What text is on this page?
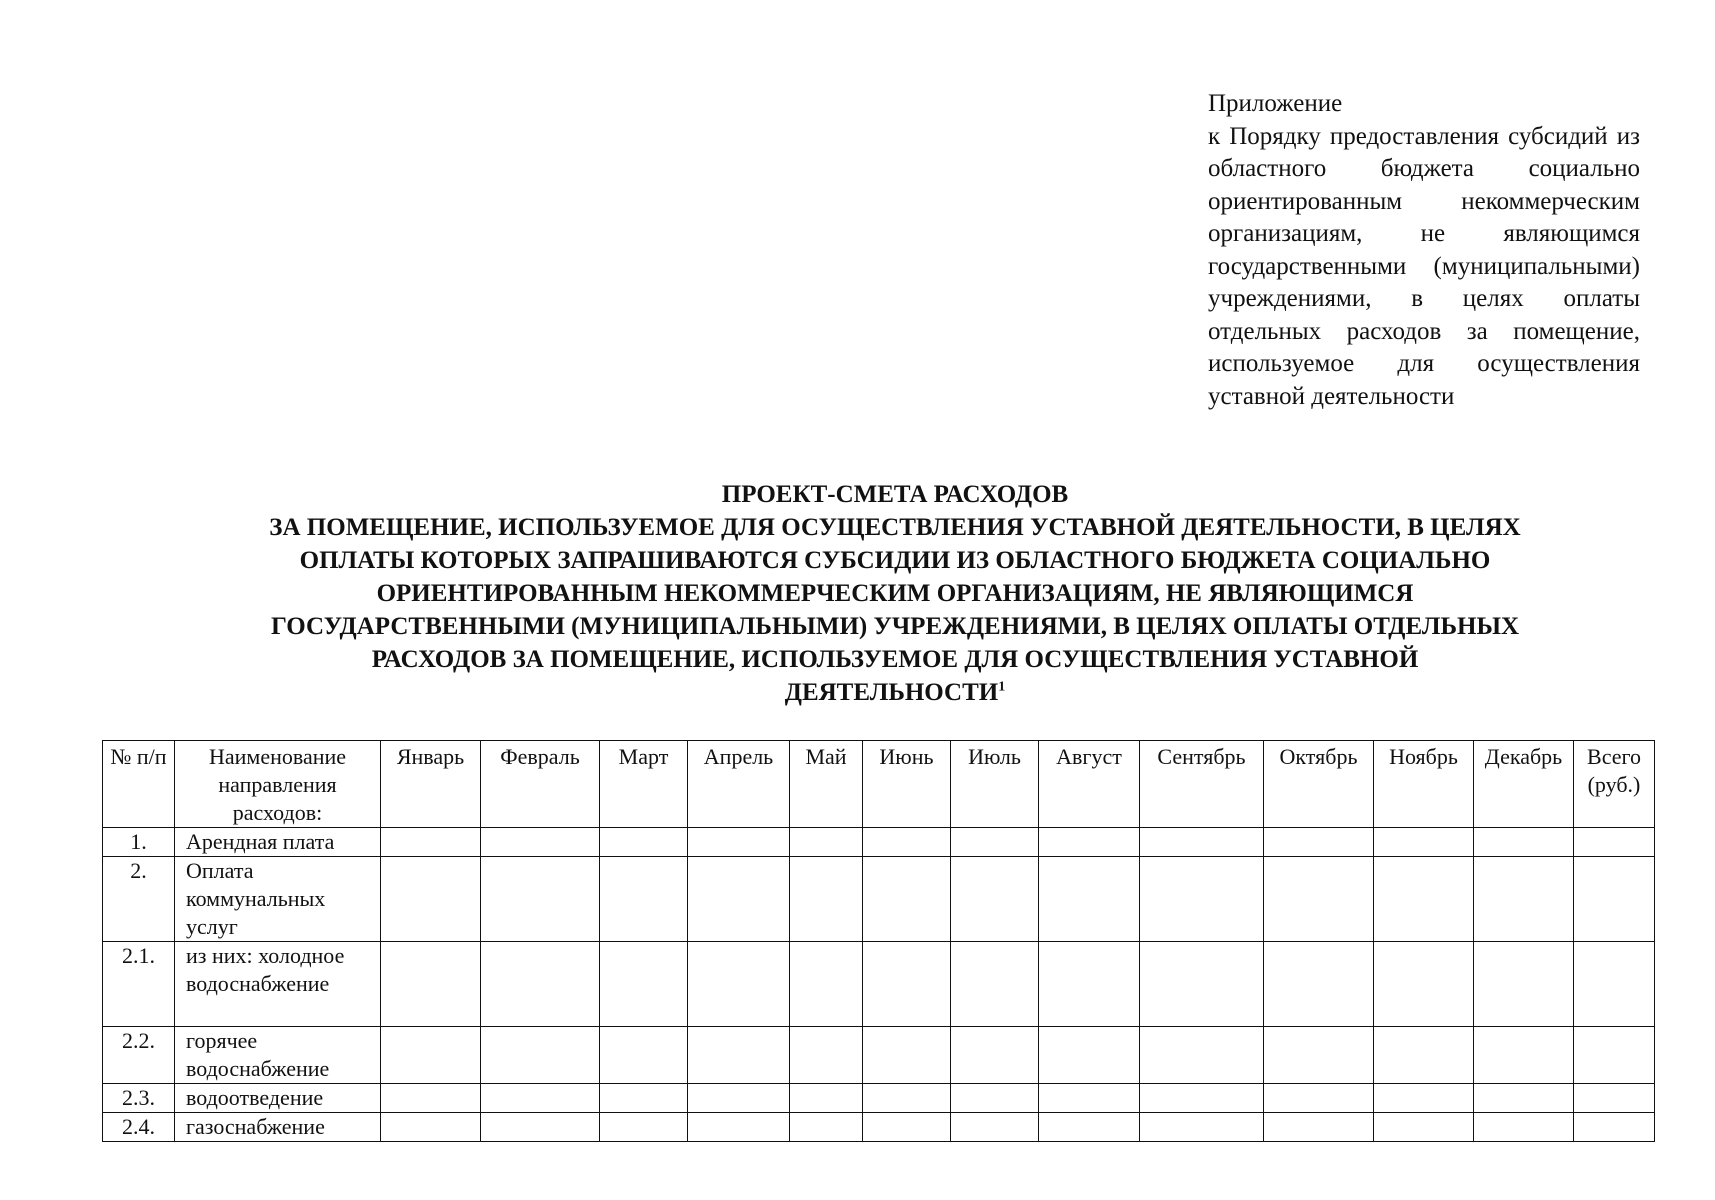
Приложение
к Порядку предоставления субсидий из областного бюджета социально ориентированным некоммерческим организациям, не являющимся государственными (муниципальными) учреждениями, в целях оплаты отдельных расходов за помещение, используемое для осуществления уставной деятельности
ПРОЕКТ-СМЕТА РАСХОДОВ
ЗА ПОМЕЩЕНИЕ, ИСПОЛЬЗУЕМОЕ ДЛЯ ОСУЩЕСТВЛЕНИЯ УСТАВНОЙ ДЕЯТЕЛЬНОСТИ, В ЦЕЛЯХ
ОПЛАТЫ КОТОРЫХ ЗАПРАШИВАЮТСЯ СУБСИДИИ ИЗ ОБЛАСТНОГО БЮДЖЕТА СОЦИАЛЬНО
ОРИЕНТИРОВАННЫМ НЕКОММЕРЧЕСКИМ ОРГАНИЗАЦИЯМ, НЕ ЯВЛЯЮЩИМСЯ
ГОСУДАРСТВЕННЫМИ (МУНИЦИПАЛЬНЫМИ) УЧРЕЖДЕНИЯМИ, В ЦЕЛЯХ ОПЛАТЫ ОТДЕЛЬНЫХ
РАСХОДОВ ЗА ПОМЕЩЕНИЕ, ИСПОЛЬЗУЕМОЕ ДЛЯ ОСУЩЕСТВЛЕНИЯ УСТАВНОЙ
ДЕЯТЕЛЬНОСТИ$^1$
№ п/п	Наименование направления расходов:	Январь	Февраль	Март	Апрель	Май	Июнь	Июль	Август	Сентябрь	Октябрь	Ноябрь	Декабрь	Всего (руб.)
1.	Арендная плата													
2.	Оплата коммунальных услуг													
2.1.	из них: холодное водоснабжение													
2.2.	горячее водоснабжение													
2.3.	водоотведение													
2.4.	газоснабжение													
